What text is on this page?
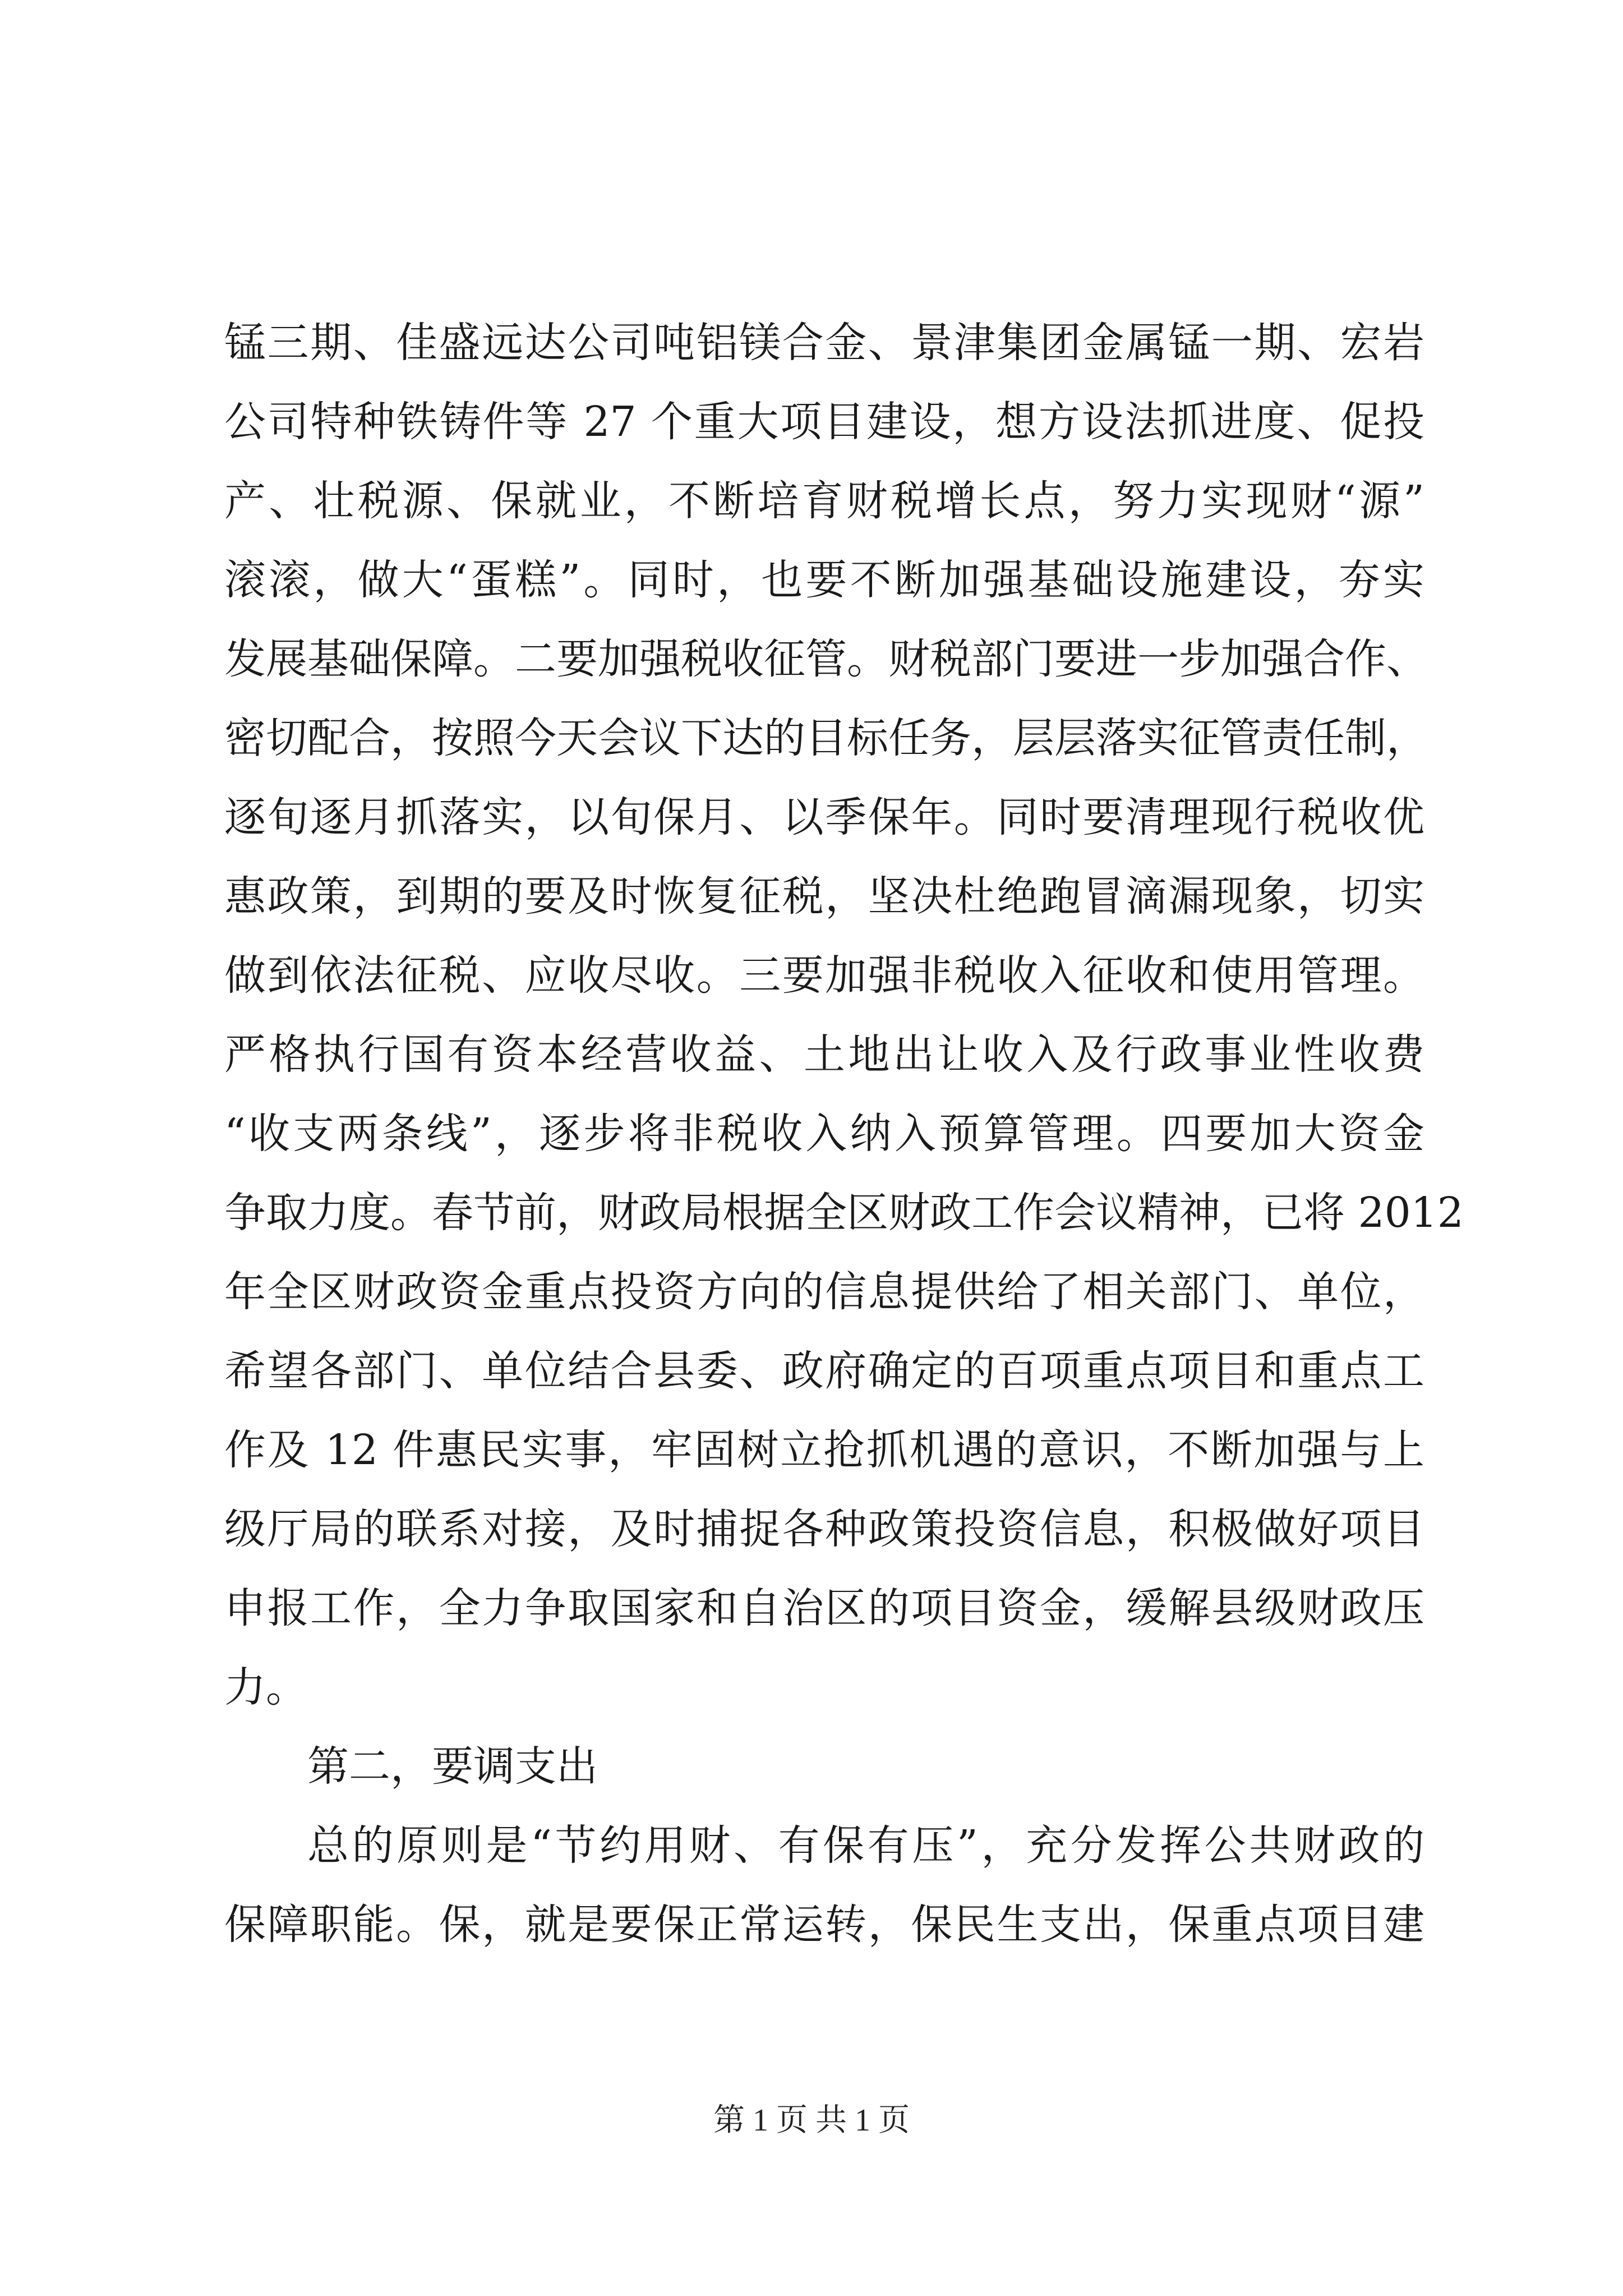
锰三期、佳盛远达公司吨铝镁合金、景津集团金属锰一期、宏岩
公司特种铁铸件等 27 个重大项目建设，想方设法抓进度、促投
产、壮税源、保就业，不断培育财税增长点，努力实现财“源”
滚滚，做大“蛋糕”。同时，也要不断加强基础设施建设，夯实
发展基础保障。二要加强税收征管。财税部门要进一步加强合作、
密切配合，按照今天会议下达的目标任务，层层落实征管责任制，
逐旬逐月抓落实，以旬保月、以季保年。同时要清理现行税收优
惠政策，到期的要及时恢复征税，坚决杜绝跑冒滴漏现象，切实
做到依法征税、应收尽收。三要加强非税收入征收和使用管理。
严格执行国有资本经营收益、土地出让收入及行政事业性收费
“收支两条线”，逐步将非税收入纳入预算管理。四要加大资金
争取力度。春节前，财政局根据全区财政工作会议精神，已将 2012
年全区财政资金重点投资方向的信息提供给了相关部门、单位，
希望各部门、单位结合县委、政府确定的百项重点项目和重点工
作及 12 件惠民实事，牢固树立抢抓机遇的意识，不断加强与上
级厅局的联系对接，及时捕捉各种政策投资信息，积极做好项目
申报工作，全力争取国家和自治区的项目资金，缓解县级财政压
力。
第二，要调支出
总的原则是“节约用财、有保有压”，充分发挥公共财政的
保障职能。保，就是要保正常运转，保民生支出，保重点项目建
第 1 页 共 1 页
